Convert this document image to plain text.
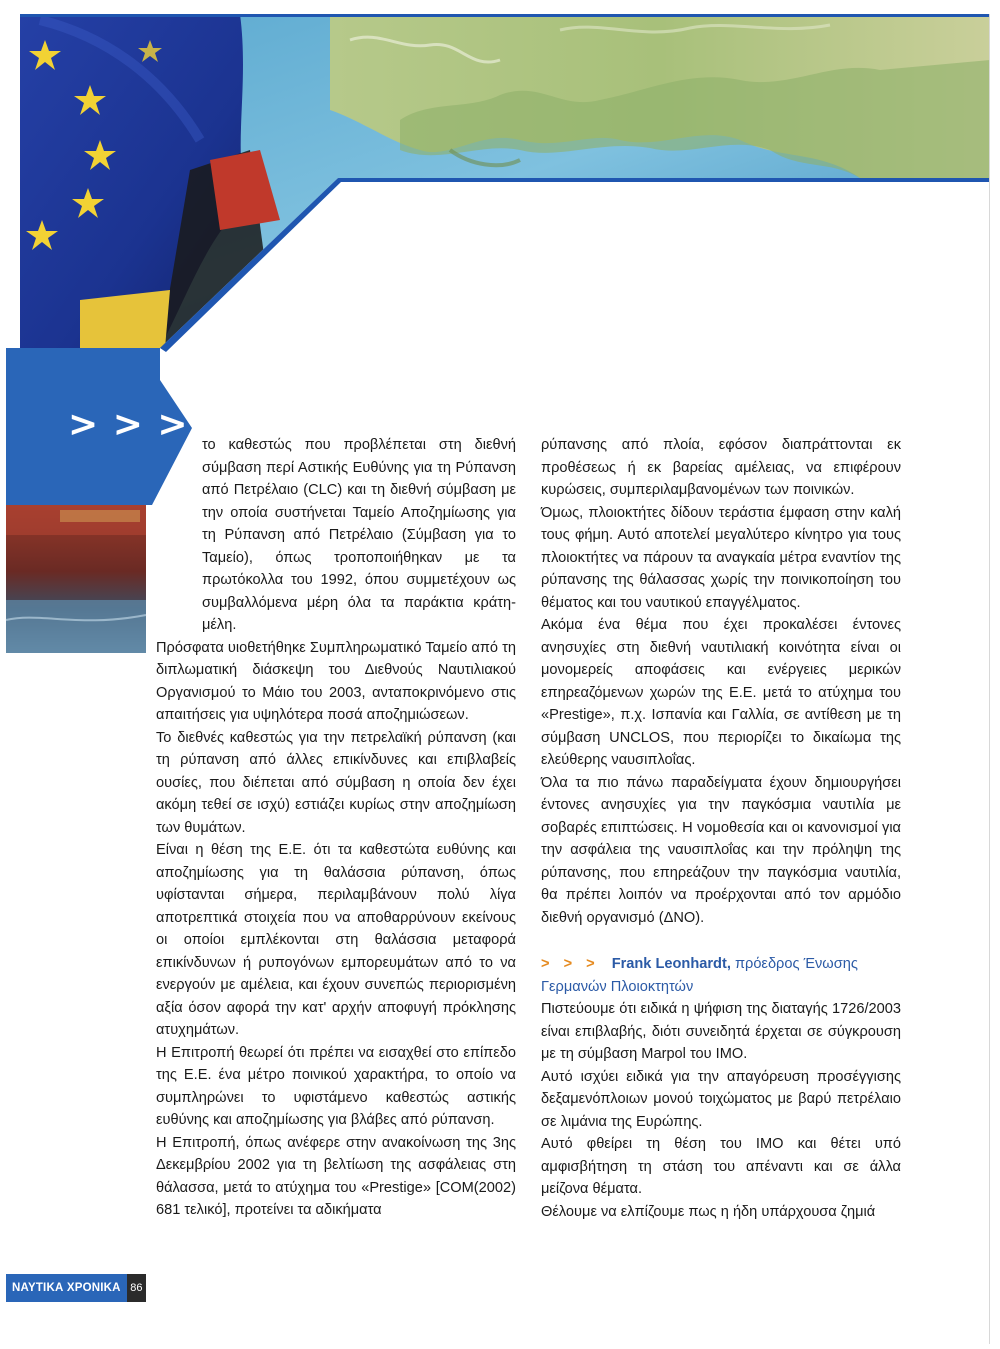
> > > το καθεστώς που προβλέπεται στη διεθνή σύμβαση περί Αστικής Ευθύνης για τη Ρύπανση από Πετρέλαιο (CLC) και τη διεθνή σύμβαση με την οποία συστήνεται Ταμείο Αποζημίωσης για τη Ρύπανση από Πετρέλαιο (Σύμβαση για το Ταμείο), όπως τροποποιήθηκαν με τα πρωτόκολλα του 1992, όπου συμμετέχουν ως συμβαλλόμενα μέρη όλα τα παράκτια κράτη-μέλη.

Πρόσφατα υιοθετήθηκε Συμπληρωματικό Ταμείο από τη διπλωματική διάσκεψη του Διεθνούς Ναυτιλιακού Οργανισμού το Μάιο του 2003, ανταποκρινόμενο στις απαιτήσεις για υψηλότερα ποσά αποζημιώσεων.

Το διεθνές καθεστώς για την πετρελαϊκή ρύπανση (και τη ρύπανση από άλλες επικίνδυνες και επιβλαβείς ουσίες, που διέπεται από σύμβαση η οποία δεν έχει ακόμη τεθεί σε ισχύ) εστιάζει κυρίως στην αποζημίωση των θυμάτων.

Είναι η θέση της Ε.Ε. ότι τα καθεστώτα ευθύνης και αποζημίωσης για τη θαλάσσια ρύπανση, όπως υφίστανται σήμερα, περιλαμβάνουν πολύ λίγα αποτρεπτικά στοιχεία που να αποθαρρύνουν εκείνους οι οποίοι εμπλέκονται στη θαλάσσια μεταφορά επικίνδυνων ή ρυπογόνων εμπορευμάτων από το να ενεργούν με αμέλεια, και έχουν συνεπώς περιορισμένη αξία όσον αφορά την κατ' αρχήν αποφυγή πρόκλησης ατυχημάτων.

Η Επιτροπή θεωρεί ότι πρέπει να εισαχθεί στο επίπεδο της Ε.Ε. ένα μέτρο ποινικού χαρακτήρα, το οποίο να συμπληρώνει το υφιστάμενο καθεστώς αστικής ευθύνης και αποζημίωσης για βλάβες από ρύπανση.

Η Επιτροπή, όπως ανέφερε στην ανακοίνωση της 3ης Δεκεμβρίου 2002 για τη βελτίωση της ασφάλειας στη θάλασσα, μετά το ατύχημα του «Prestige» [COM(2002) 681 τελικό], προτείνει τα αδικήματα

ρύπανσης από πλοία, εφόσον διαπράττονται εκ προθέσεως ή εκ βαρείας αμέλειας, να επιφέρουν κυρώσεις, συμπεριλαμβανομένων των ποινικών.

Όμως, πλοιοκτήτες δίδουν τεράστια έμφαση στην καλή τους φήμη. Αυτό αποτελεί μεγαλύτερο κίνητρο για τους πλοιοκτήτες να πάρουν τα αναγκαία μέτρα εναντίον της ρύπανσης της θάλασσας χωρίς την ποινικοποίηση του θέματος και του ναυτικού επαγγέλματος.

Ακόμα ένα θέμα που έχει προκαλέσει έντονες ανησυχίες στη διεθνή ναυτιλιακή κοινότητα είναι οι μονομερείς αποφάσεις και ενέργειες μερικών επηρεαζόμενων χωρών της Ε.Ε. μετά το ατύχημα του «Prestige», π.χ. Ισπανία και Γαλλία, σε αντίθεση με τη σύμβαση UNCLOS, που περιορίζει το δικαίωμα της ελεύθερης ναυσιπλοΐας.

Όλα τα πιο πάνω παραδείγματα έχουν δημιουργήσει έντονες ανησυχίες για την παγκόσμια ναυτιλία με σοβαρές επιπτώσεις. Η νομοθεσία και οι κανονισμοί για την ασφάλεια της ναυσιπλοΐας και την πρόληψη της ρύπανσης, που επηρεάζουν την παγκόσμια ναυτιλία, θα πρέπει λοιπόν να προέρχονται από τον αρμόδιο διεθνή οργανισμό (ΔΝΟ).

> > > Frank Leonhardt, πρόεδρος Ένωσης Γερμανών Πλοιοκτητών

Πιστεύουμε ότι ειδικά η ψήφιση της διαταγής 1726/2003 είναι επιβλαβής, διότι συνειδητά έρχεται σε σύγκρουση με τη σύμβαση Marpol του IMO.

Αυτό ισχύει ειδικά για την απαγόρευση προσέγγισης δεξαμενόπλοιων μονού τοιχώματος με βαρύ πετρέλαιο σε λιμάνια της Ευρώπης.

Αυτό φθείρει τη θέση του IMO και θέτει υπό αμφισβήτηση τη στάση του απέναντι και σε άλλα μείζονα θέματα.

Θέλουμε να ελπίζουμε πως η ήδη υπάρχουσα ζημιά

ΝΑΥΤΙΚΑ ΧΡΟΝΙΚΑ 86
